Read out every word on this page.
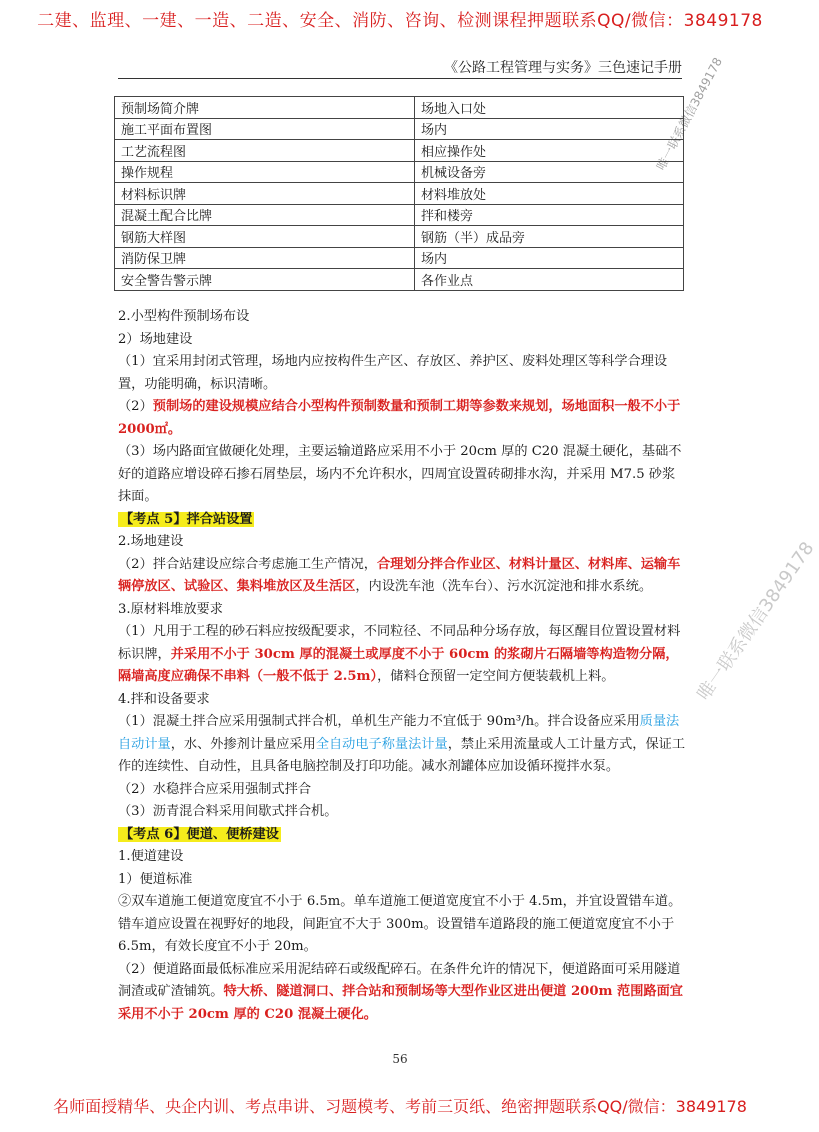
二建、监理、一建、一造、二造、安全、消防、咨询、检测课程押题联系QQ/微信：3849178
《公路工程管理与实务》三色速记手册
预制场简介牌	场地入口处
施工平面布置图	场内
工艺流程图	相应操作处
操作规程	机械设备旁
材料标识牌	材料堆放处
混凝土配合比牌	拌和楼旁
钢筋大样图	钢筋（半）成品旁
消防保卫牌	场内
安全警告警示牌	各作业点

2.小型构件预制场布设

2）场地建设

（1）宜采用封闭式管理，场地内应按构件生产区、存放区、养护区、废料处理区等科学合理设置，功能明确，标识清晰。

（2）预制场的建设规模应结合小型构件预制数量和预制工期等参数来规划，场地面积一般不小于 2000㎡。

（3）场内路面宜做硬化处理，主要运输道路应采用不小于 20cm 厚的 C20 混凝土硬化，基础不好的道路应增设碎石掺石屑垫层，场内不允许积水，四周宜设置砖砌排水沟，并采用 M7.5 砂浆抹面。

【考点 5】拌合站设置

2.场地建设

（2）拌合站建设应综合考虑施工生产情况，合理划分拌合作业区、材料计量区、材料库、运输车辆停放区、试验区、集料堆放区及生活区，内设洗车池（洗车台）、污水沉淀池和排水系统。

3.原材料堆放要求

（1）凡用于工程的砂石料应按级配要求，不同粒径、不同品种分场存放，每区醒目位置设置材料标识牌，并采用不小于 30cm 厚的混凝土或厚度不小于 60cm 的浆砌片石隔墙等构造物分隔，隔墙高度应确保不串料（一般不低于 2.5m），储料仓预留一定空间方便装载机上料。

4.拌和设备要求

（1）混凝土拌合应采用强制式拌合机，单机生产能力不宜低于 90m³/h。拌合设备应采用质量法自动计量，水、外掺剂计量应采用全自动电子称量法计量，禁止采用流量或人工计量方式，保证工作的连续性、自动性，且具备电脑控制及打印功能。减水剂罐体应加设循环搅拌水泵。

（2）水稳拌合应采用强制式拌合

（3）沥青混合料采用间歇式拌合机。

【考点 6】便道、便桥建设

1.便道建设

1）便道标准

②双车道施工便道宽度宜不小于 6.5m。单车道施工便道宽度宜不小于 4.5m，并宜设置错车道。错车道应设置在视野好的地段，间距宜不大于 300m。设置错车道路段的施工便道宽度宜不小于 6.5m，有效长度宜不小于 20m。

（2）便道路面最低标准应采用泥结碎石或级配碎石。在条件允许的情况下，便道路面可采用隧道洞渣或矿渣铺筑。特大桥、隧道洞口、拌合站和预制场等大型作业区进出便道 200m 范围路面宜采用不小于 20cm 厚的 C20 混凝土硬化。

56
名师面授精华、央企内训、考点串讲、习题模考、考前三页纸、绝密押题联系QQ/微信：3849178
唯一联系微信3849178
唯一联系微信3849178
